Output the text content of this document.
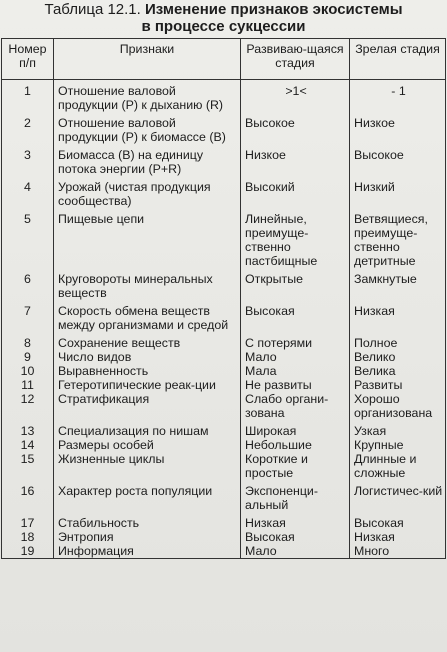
Таблица 12.1. Изменение признаков экосистемы
в процессе сукцессии
Номер п/п	Признаки	Развиваю-щаяся стадия	Зрелая стадия
1	Отношение валовой продукции (Р) к дыханию (R)	>1<	- 1
2	Отношение валовой продукции (Р) к биомассе (В)	Высокое	Низкое
3	Биомасса (В) на единицу потока энергии (P+R)	Низкое	Высокое
4	Урожай (чистая продукция сообщества)	Высокий	Низкий
5	Пищевые цепи	Линейные, преимуще-ственно пастбищные	Ветвящиеся, преимуще-ственно детритные
6	Круговороты минеральных веществ	Открытые	Замкнутые
7	Скорость обмена веществ между организмами и средой	Высокая	Низкая
8	Сохранение веществ	С потерями	Полное
9	Число видов	Мало	Велико
10	Выравненность	Мала	Велика
11	Гетеротипические реак-ции	Не развиты	Развиты
12	Стратификация	Слабо органи-зована	Хорошо организована
13	Специализация по нишам	Широкая	Узкая
14	Размеры особей	Небольшие	Крупные
15	Жизненные циклы	Короткие и простые	Длинные и сложные
16	Характер роста популяции	Экспоненци-альный	Логистичес-кий
17	Стабильность	Низкая	Высокая
18	Энтропия	Высокая	Низкая
19	Информация	Мало	Много
